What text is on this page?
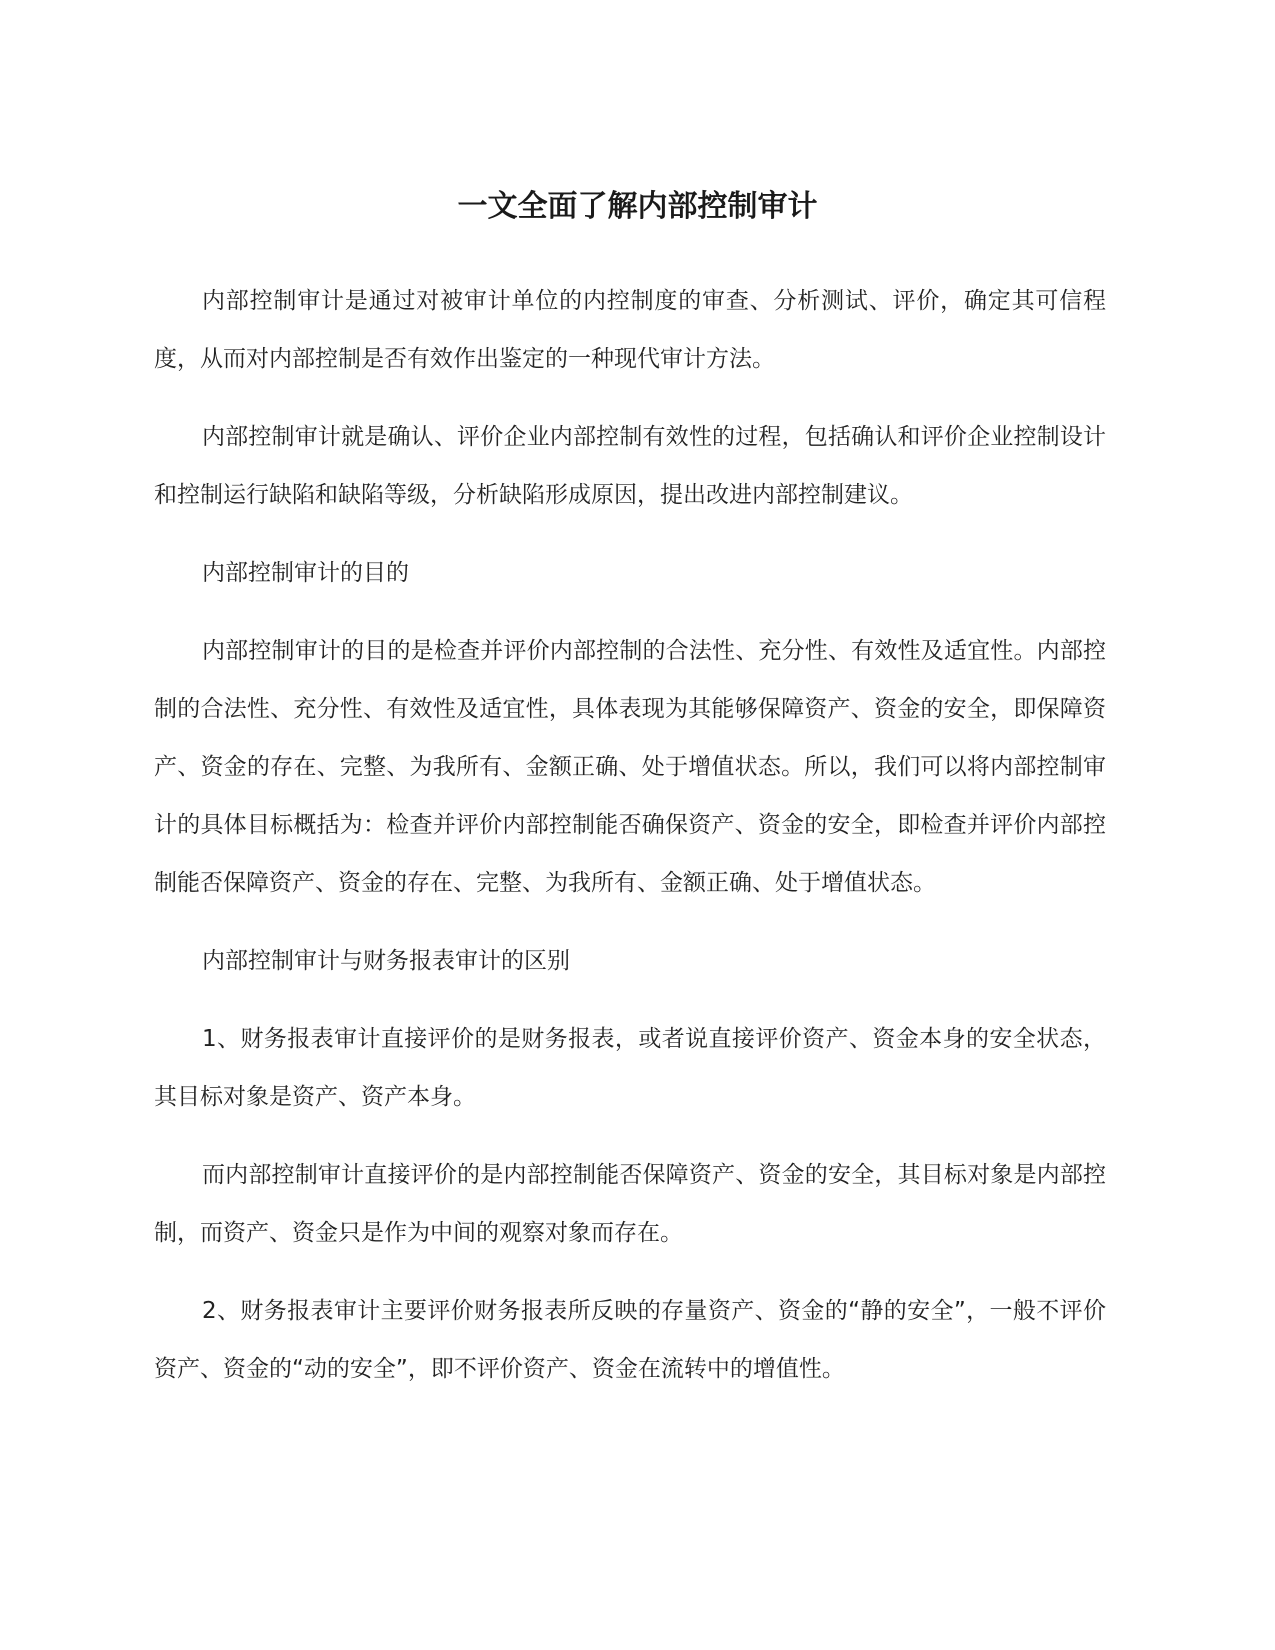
一文全面了解内部控制审计

内部控制审计是通过对被审计单位的内控制度的审查、分析测试、评价，确定其可信程度，从而对内部控制是否有效作出鉴定的一种现代审计方法。

内部控制审计就是确认、评价企业内部控制有效性的过程，包括确认和评价企业控制设计和控制运行缺陷和缺陷等级，分析缺陷形成原因，提出改进内部控制建议。

内部控制审计的目的

内部控制审计的目的是检查并评价内部控制的合法性、充分性、有效性及适宜性。内部控制的合法性、充分性、有效性及适宜性，具体表现为其能够保障资产、资金的安全，即保障资产、资金的存在、完整、为我所有、金额正确、处于增值状态。所以，我们可以将内部控制审计的具体目标概括为：检查并评价内部控制能否确保资产、资金的安全，即检查并评价内部控制能否保障资产、资金的存在、完整、为我所有、金额正确、处于增值状态。

内部控制审计与财务报表审计的区别

1、财务报表审计直接评价的是财务报表，或者说直接评价资产、资金本身的安全状态，其目标对象是资产、资产本身。

而内部控制审计直接评价的是内部控制能否保障资产、资金的安全，其目标对象是内部控制，而资产、资金只是作为中间的观察对象而存在。

2、财务报表审计主要评价财务报表所反映的存量资产、资金的“静的安全”，一般不评价资产、资金的“动的安全”，即不评价资产、资金在流转中的增值性。
